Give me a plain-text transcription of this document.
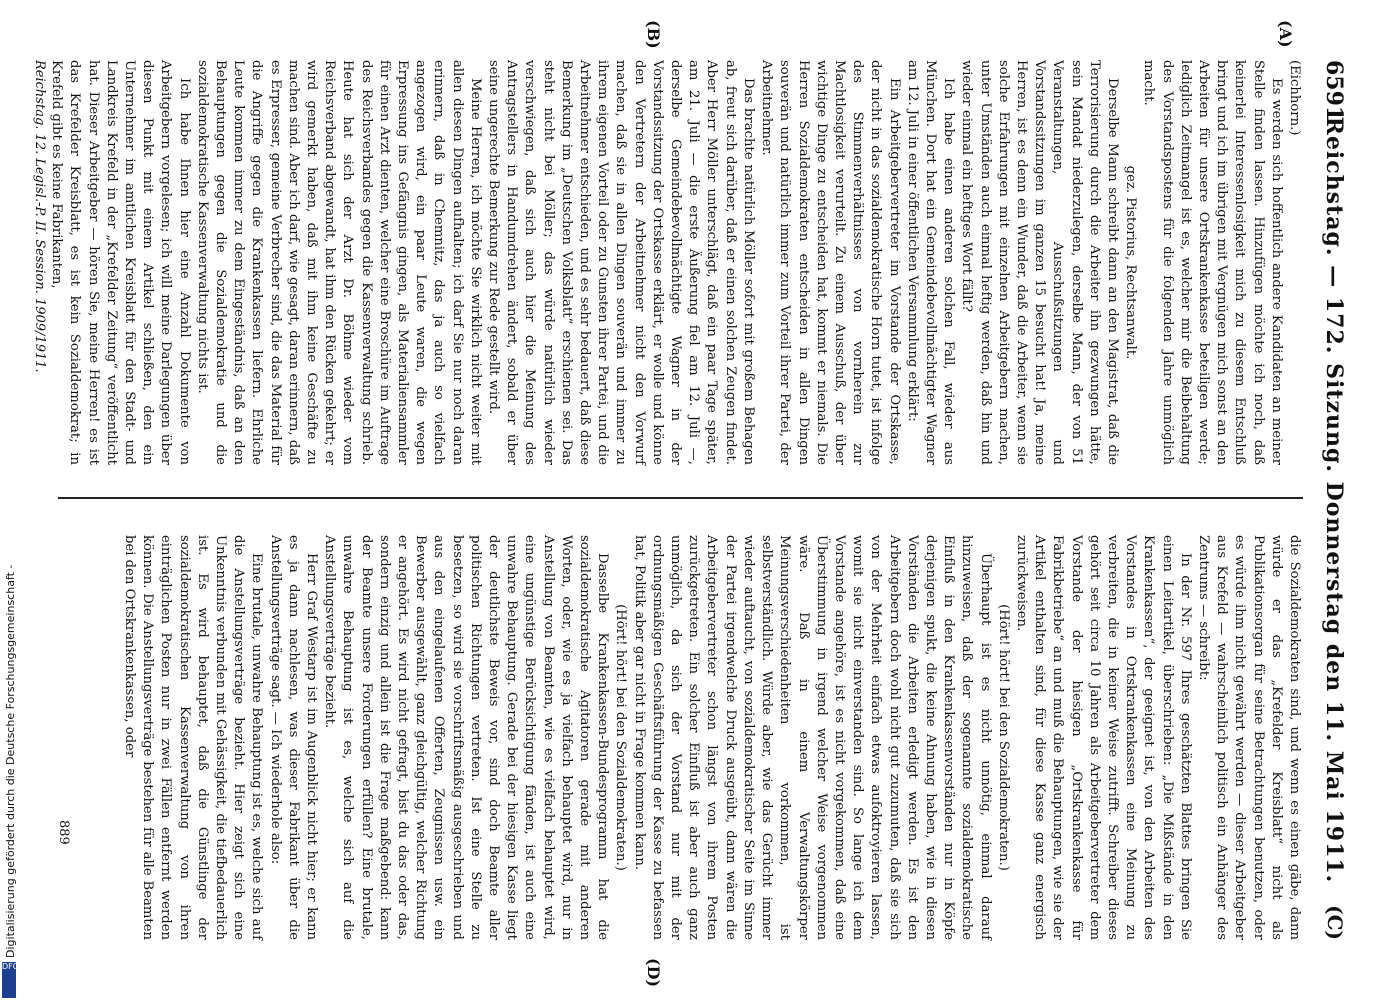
6591
Reichstag. — 172. Sitzung. Donnerstag den 11. Mai 1911.
(C)
(A)
(B)
(D)

(Eichhorn.)

Es werden sich hoffentlich andere Kandidaten an meiner Stelle finden lassen. Hinzufügen möchte ich noch, daß keinerlei Interessenlosigkeit mich zu diesem Entschluß bringt und ich im übrigen mit Vergnügen mich sonst an den Arbeiten für unsere Ortskrankenkasse beteiligen werde; lediglich Zeitmangel ist es, welcher mir die Beibehaltung des Vorstandspostens für die folgenden Jahre unmöglich macht.

gez. Pistorius, Rechtsanwalt.

Derselbe Mann schreibt dann an den Magistrat, daß die Terrorisierung durch die Arbeiter ihn gezwungen hätte, sein Mandat niederzulegen, derselbe Mann, der von 51 Veranstaltungen, Ausschußsitzungen und Vorstandssitzungen im ganzen 15 besucht hat! Ja, meine Herren, ist es denn ein Wunder, daß die Arbeiter, wenn sie solche Erfahrungen mit einzelnen Arbeitgebern machen, unter Umständen auch einmal heftig werden, daß hin und wieder einmal ein heftiges Wort fällt?

Ich habe einen anderen solchen Fall, wieder aus München. Dort hat ein Gemeindebevollmächtigter Wagner am 12. Juli in einer öffentlichen Versammlung erklärt:

Ein Arbeitgebervertreter im Vorstande der Ortskasse, der nicht in das sozialdemokratische Horn tutet, ist infolge des Stimmenverhältnisses von vornherein zur Machtlosigkeit verurteilt. Zu einem Ausschuß, der über wichtige Dinge zu entscheiden hat, kommt er niemals. Die Herren Sozialdemokraten entscheiden in allen Dingen souverän und natürlich immer zum Vorteil ihrer Partei, der Arbeitnehmer.

Das brachte natürlich Möller sofort mit großem Behagen ab, freut sich darüber, daß er einen solchen Zeugen findet. Aber Herr Möller unterschlägt, daß ein paar Tage später, am 21. Juli — die erste Äußerung fiel am 12. Juli —, derselbe Gemeindebevollmächtigte Wagner in der Vorstandssitzung der Ortskasse erklärt, er wolle und könne den Vertretern der Arbeitnehmer nicht den Vorwurf machen, daß sie in allen Dingen souverän und immer zu ihrem eigenen Vorteil oder zu Gunsten ihrer Partei, und die Arbeitnehmer entschieden, und es sehr bedauert, daß diese Bemerkung im „Deutschen Volksblatt“ erschienen sei. Das steht nicht bei Möller; das würde natürlich wieder verschwiegen, daß sich auch hier die Meinung des Antragstellers in Handumdrehen ändert, sobald er über seine ungerechte Bemerkung zur Rede gestellt wird.

Meine Herren, ich möchte Sie wirklich nicht weiter mit allen diesen Dingen aufhalten; ich darf Sie nur noch daran erinnern, daß in Chemnitz, das ja auch so vielfach angezogen wird, ein paar Leute waren, die wegen Erpressung ins Gefängnis gingen, als Materialiensammler für einen Arzt dienten, welcher eine Broschüre im Auftrage des Reichsverbandes gegen die Kassenverwaltung schrieb. Heute hat sich der Arzt Dr. Böhme wieder vom Reichsverband abgewandt, hat ihm den Rücken gekehrt; er wird gemerkt haben, daß mit ihm keine Geschäfte zu machen sind. Aber ich darf, wie gesagt, daran erinnern, daß es Erpresser, gemeine Verbrecher sind, die das Material für die Angriffe gegen die Krankenkassen liefern. Ehrliche Leute kommen immer zu dem Eingeständnis, daß an den Behauptungen gegen die Sozialdemokratie und die sozialdemokratische Kassenverwaltung nichts ist.

Ich habe Ihnen hier eine Anzahl Dokumente von Arbeitgebern vorgelesen; ich will meine Darlegungen über diesen Punkt mit einem Artikel schließen, den ein Unternehmer im amtlichen Kreisblatt für den Stadt- und Landkreis Krefeld in der „Krefelder Zeitung“ veröffentlicht hat. Dieser Arbeitgeber — hören Sie, meine Herren! es ist das Krefelder Kreisblatt, es ist kein Sozialdemokrat; in Krefeld gibt es keine Fabrikanten,

die Sozialdemokraten sind, und wenn es einen gäbe, dann würde er das „Krefelder Kreisblatt“ nicht als Publikationsorgan für seine Betrachtungen benutzen, oder es würde ihm nicht gewährt werden — dieser Arbeitgeber aus Krefeld — wahrscheinlich politisch ein Anhänger des Zentrums — schreibt:

In der Nr. 597 Ihres geschätzten Blattes bringen Sie einen Leitartikel, überschrieben: „Die Mißstände in den Krankenkassen“, der geeignet ist, von den Arbeiten des Vorstandes in Ortskrankenkassen eine Meinung zu verbreiten, die in keiner Weise zutrifft. Schreiber dieses gehört seit circa 10 Jahren als Arbeitgebervertreter dem Vorstande der hiesigen „Ortskrankenkasse für Fabrikbetriebe“ an und muß die Behauptungen, wie sie der Artikel enthalten sind, für diese Kasse ganz energisch zurückweisen.

(Hört! hört! bei den Sozialdemokraten.)

Überhaupt ist es nicht unnötig, einmal darauf hinzuweisen, daß der sogenannte sozialdemokratische Einfluß in den Krankenkassenvorständen nur in Köpfe derjenigen spukt, die keine Ahnung haben, wie in diesen Vorständen die Arbeiten erledigt werden. Es ist den Arbeitgebern doch wohl nicht gut zuzumuten, daß sie sich von der Mehrheit einfach etwas aufoktroyieren lassen, womit sie nicht einverstanden sind. So lange ich dem Vorstande angehöre, ist es nicht vorgekommen, daß eine Überstimmung in irgend welcher Weise vorgenommen wäre. Daß in einem Verwaltungskörper Meinungsverschiedenheiten vorkommen, ist selbstverständlich. Würde aber, wie das Gerücht immer wieder auftaucht, von sozialdemokratischer Seite im Sinne der Partei irgendwelche Druck ausgeübt, dann wären die Arbeitgebervertreter schon längst von ihrem Posten zurückgetreten. Ein solcher Einfluß ist aber auch ganz unmöglich, da sich der Vorstand nur mit der ordnungsmäßigen Geschäftsführung der Kasse zu befassen hat, Politik aber gar nicht in Frage kommen kann.

(Hört! hört! bei den Sozialdemokraten.)

Dasselbe Krankenkassen-Bundesprogramm hat die sozialdemokratische Agitatoren gerade mit anderen Worten, oder, wie es ja vielfach behauptet wird, nur in Anstellung von Beamten, wie es vielfach behauptet wird, eine ungünstige Berücksichtigung fänden, ist auch eine unwahre Behauptung. Gerade bei der hiesigen Kasse liegt der deutlichste Beweis vor, sind doch Beamte aller politischen Richtungen vertreten. Ist eine Stelle zu besetzen, so wird sie vorschriftsmäßig ausgeschrieben und aus den eingelaufenen Offerten, Zeugnissen usw. ein Bewerber ausgewählt, ganz gleichgültig, welcher Richtung er angehört. Es wird nicht gefragt, bist du das oder das, sondern einzig und allein ist die Frage maßgebend: kann der Beamte unsere Forderungen erfüllen? Eine brutale, unwahre Behauptung ist es, welche sich auf die Anstellungsverträge bezieht.

Herr Graf Westarp ist im Augenblick nicht hier; er kann es ja dann nachlesen, was dieser Fabrikant über die Anstellungsverträge sagt. — Ich wiederhole also:

Eine brutale, unwahre Behauptung ist es, welche sich auf die Anstellungsverträge bezieht. Hier zeigt sich eine Unkenntnis verbunden mit Gehässigkeit, die tiefbedauerlich ist. Es wird behauptet, daß die Günstlinge der sozialdemokratischen Kassenverwaltung von ihren einträglichen Posten nur in zwei Fällen entfernt werden können. Die Anstellungsverträge bestehen für alle Beamten bei den Ortskrankenkassen, oder

Reichstag. 12. Legisl.-P. II. Session. 1909/1911.
889
Digitalisierung gefördert durch die Deutsche Forschungsgemeinschaft -
DFG
